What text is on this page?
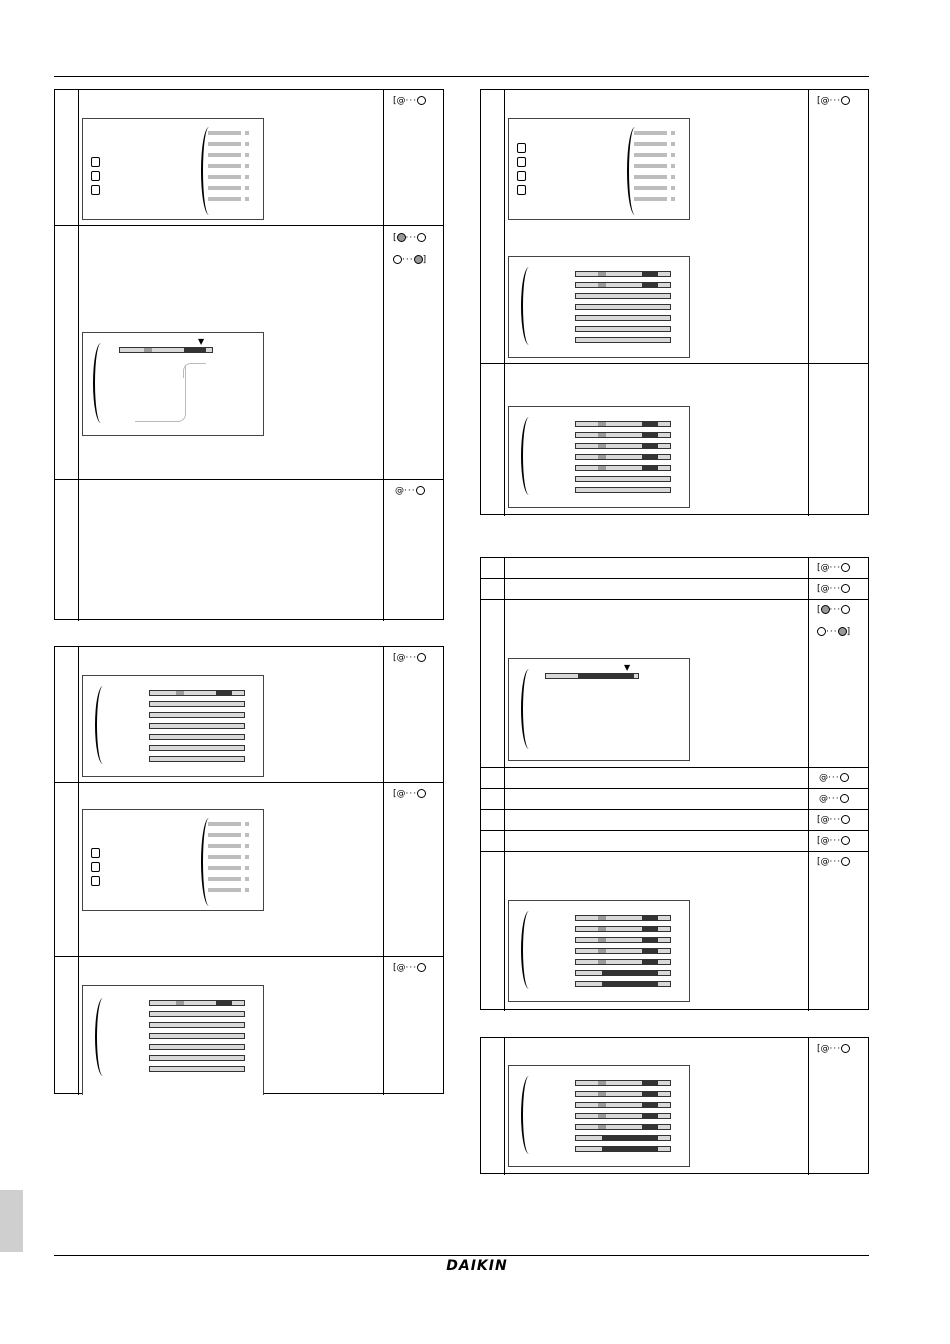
DAIKIN
[@···
[ ···
··· ]
▼
@···
[@···
[@···
[@···
[@···
[@···
[@···
[ ···
··· ]
▼
@···
@···
[@···
[@···
[@···
[@···
